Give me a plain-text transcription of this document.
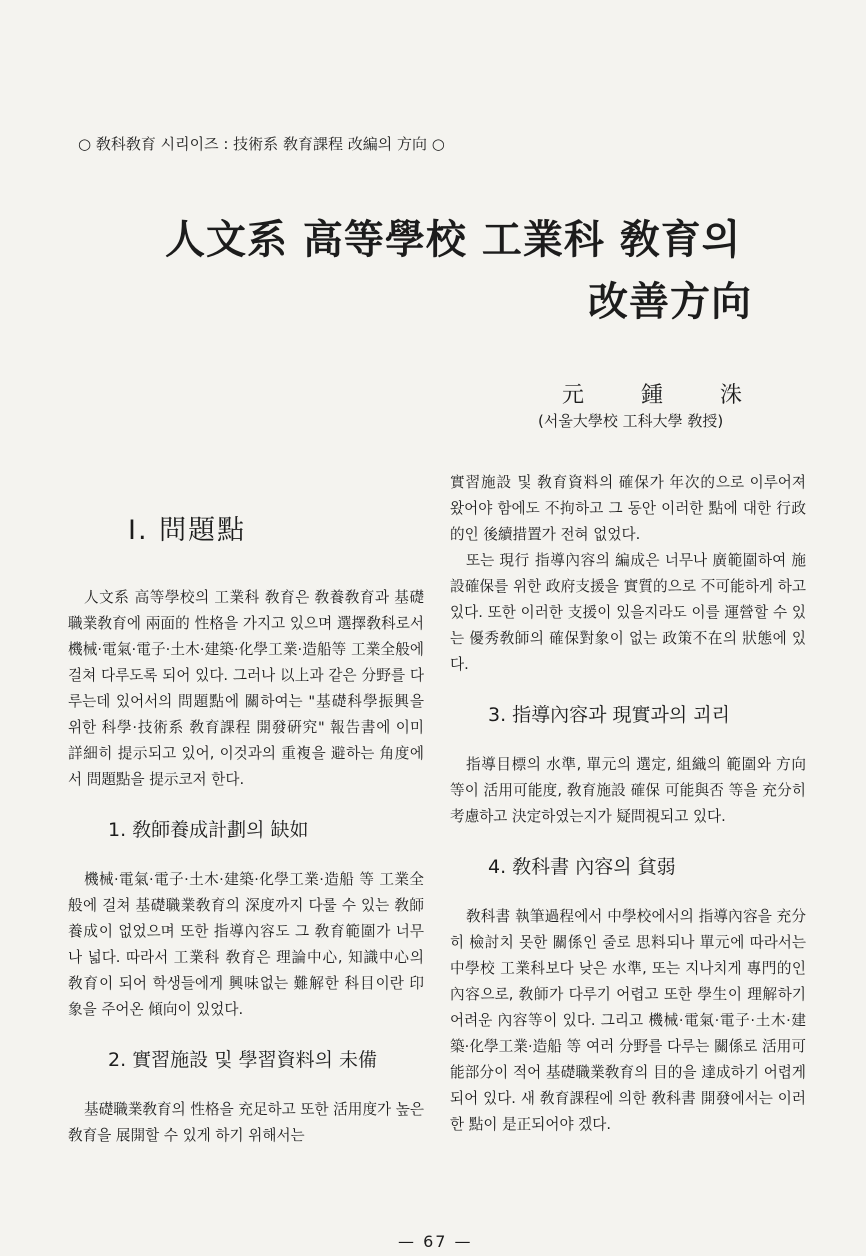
○ 敎科敎育 시리이즈 : 技術系 敎育課程 改編의 方向 ○
人文系 高等學校 工業科 敎育의
改善方向
元	鍾	洙
(서울大學校 工科大學 敎授)
I. 問題點

人文系 高等學校의 工業科 敎育은 敎養敎育과 基礎職業敎育에 兩面的 性格을 가지고 있으며 選擇敎科로서 機械·電氣·電子·土木·建築·化學工業·造船等 工業全般에 걸쳐 다루도록 되어 있다. 그러나 以上과 같은 分野를 다루는데 있어서의 問題點에 關하여는 "基礎科學振興을 위한 科學·技術系 敎育課程 開發硏究" 報告書에 이미 詳細히 提示되고 있어, 이것과의 重複을 避하는 角度에서 問題點을 提示코저 한다.

1. 敎師養成計劃의 缺如

機械·電氣·電子·土木·建築·化學工業·造船 等 工業全般에 걸쳐 基礎職業敎育의 深度까지 다룰 수 있는 敎師養成이 없었으며 또한 指導內容도 그 敎育範圍가 너무나 넓다. 따라서 工業科 敎育은 理論中心, 知識中心의 敎育이 되어 학생들에게 興味없는 難解한 科目이란 印象을 주어온 傾向이 있었다.

2. 實習施設 및 學習資料의 未備

基礎職業敎育의 性格을 充足하고 또한 活用度가 높은 敎育을 展開할 수 있게 하기 위해서는

實習施設 및 敎育資料의 確保가 年次的으로 이루어져 왔어야 함에도 不拘하고 그 동안 이러한 點에 대한 行政的인 後續措置가 전혀 없었다.

또는 現行 指導內容의 編成은 너무나 廣範圍하여 施設確保를 위한 政府支援을 實質的으로 不可能하게 하고 있다. 또한 이러한 支援이 있을지라도 이를 運營할 수 있는 優秀敎師의 確保對象이 없는 政策不在의 狀態에 있다.

3. 指導內容과 現實과의 괴리

指導目標의 水準, 單元의 選定, 組織의 範圍와 方向 等이 活用可能度, 敎育施設 確保 可能與否 等을 充分히 考慮하고 決定하였는지가 疑問視되고 있다.

4. 敎科書 內容의 貧弱

敎科書 執筆過程에서 中學校에서의 指導內容을 充分히 檢討치 못한 關係인 줄로 思料되나 單元에 따라서는 中學校 工業科보다 낮은 水準, 또는 지나치게 專門的인 內容으로, 敎師가 다루기 어렵고 또한 學生이 理解하기 어려운 內容等이 있다. 그리고 機械·電氣·電子·土木·建築·化學工業·造船 等 여러 分野를 다루는 關係로 活用可能部分이 적어 基礎職業敎育의 目的을 達成하기 어렵게 되어 있다. 새 敎育課程에 의한 敎科書 開發에서는 이러한 點이 是正되어야 겠다.

— 67 —
